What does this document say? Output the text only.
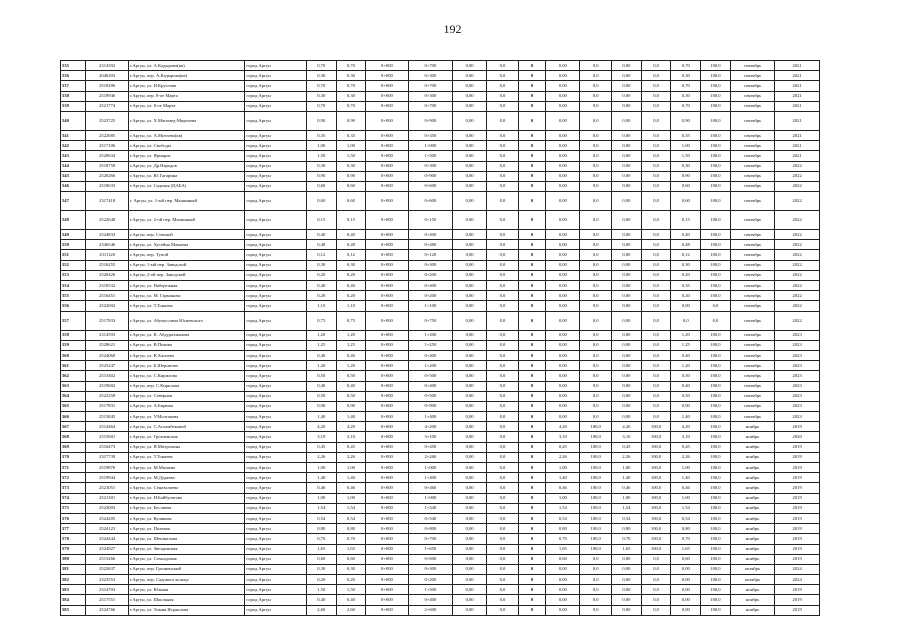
192
535	2314392	г.Аргун, ул. А.Кадырова(кв)	город Аргун	0,70	0,70	0+000	0+700	0,00	0,0	0	0,00	0,0	0,00	0,0	0,70	100,0	сентябрь	2021
536	2046303	г.Аргун, пер. А.Кадырова(кв)	город Аргун	0,30	0,30	0+000	0+300	0,00	0,0	0	0,00	0,0	0,00	0,0	0,30	100,0	сентябрь	2021
537	2518296	г.Аргун, ул. И.Круглова	город Аргун	0,70	0,70	0+000	0+700	0,00	0,0	0	0,00	0,0	0,00	0,0	0,70	100,0	сентябрь	2021
538	2518946	г.Аргун, пер. 8-ое Марта	город Аргун	0,30	0,30	0+000	0+300	0,00	0,0	0	0,00	0,0	0,00	0,0	0,30	100,0	сентябрь	2021
539	2521774	г.Аргун, ул. 8-ое Марта	город Аргун	0,70	0,70	0+000	0+700	0,00	0,0	0	0,00	0,0	0,00	0,0	0,70	100,0	сентябрь	2021
540	2523725	г.Аргун, ул. Х.Магомед-Мирзоева	город Аргун	0,90	0,90	0+000	0+900	0,00	0,0	0	0,00	0,0	0,00	0,0	0,90	100,0	сентябрь	2021
541	2522685	г.Аргун, ул. А.Митаева(кв)	город Аргун	0,35	0,35	0+000	0+350	0,00	0,0	0	0,00	0,0	0,00	0,0	0,35	100,0	сентябрь	2021
542	2517106	г.Аргун, ул. Свободы	город Аргун	1,00	1,00	0+000	1+000	0,00	0,0	0	0,00	0,0	0,00	0,0	1,00	100,0	сентябрь	2021
543	2520634	г.Аргун, ул. Ярмарок	город Аргун	1,50	1,50	0+000	1+500	0,00	0,0	0	0,00	0,0	0,00	0,0	1,50	100,0	сентябрь	2021
544	2518750	г.Аргун, ул. Др.Народов	город Аргун	0,30	0,30	0+000	0+300	0,00	0,0	0	0,00	0,0	0,00	0,0	0,30	100,0	сентябрь	2022
545	2520266	г.Аргун, ул. Ю.Гагарина	город Аргун	0,90	0,90	0+000	0+900	0,00	0,0	0	0,00	0,0	0,00	0,0	0,90	100,0	сентябрь	2022
546	2518633	г.Аргун, ул. Садовая (ЦАБА)	город Аргун	0,60	0,60	0+000	0+600	0,00	0,0	0	0,00	0,0	0,00	0,0	0,60	100,0	сентябрь	2022
547	2317418	г. Аргун, ул. 1-ый пер. Машинный	город Аргун	0,60	0,60	0+000	0+600	0,00	0,0	0	0,00	0,0	0,00	0,0	0,60	100,0	сентябрь	2022
548	2522648	г.Аргун, ул. 2-ой пер. Машинный	город Аргун	0,15	0,15	0+000	0+150	0,00	0,0	0	0,00	0,0	0,00	0,0	0,15	100,0	сентябрь	2022
549	2524833	г.Аргун, пер. Степной	город Аргун	0,40	0,40	0+000	0+400	0,00	0,0	0	0,00	0,0	0,00	0,0	0,40	100,0	сентябрь	2022
550	2346546	г.Аргун, ул. Хусейна Мамаева	город Аргун	0,48	0,48	0+000	0+480	0,00	0,0	0	0,00	0,0	0,00	0,0	0,48	100,0	сентябрь	2022
551	2311120	г.Аргун, пер. Тупой	город Аргун	0,12	0,12	0+000	0+120	0,00	0,0	0	0,00	0,0	0,00	0,0	0,12	100,0	сентябрь	2022
552	2516255	г.Аргун, 1-ый пер. Заводской	город Аргун	0,30	0,30	0+000	0+300	0,00	0,0	0	0,00	0,0	0,00	0,0	0,30	100,0	сентябрь	2022
553	2520426	г.Аргун, 2-ой пер. Заводской	город Аргун	0,20	0,20	0+000	0+200	0,00	0,0	0	0,00	0,0	0,00	0,0	0,20	100,0	сентябрь	2022
554	2318532	г.Аргун, ул. Набережная	город Аргун	0,40	0,40	0+000	0+400	0,00	0,0	0	0,00	0,0	0,00	0,0	0,35	100,0	сентябрь	2022
555	2516451	г.Аргун, ул. М. Гарманова	город Аргун	0,20	0,20	0+000	0+200	0,00	0,0	0	0,00	0,0	0,00	0,0	0,20	100,0	сентябрь	2022
556	2522692	г.Аргун, ул. Т.Тонаева	город Аргун	1,10	1,10	0+000	1+100	0,00	0,0	0	0,00	0,0	0,00	0,0	0,00	0,0	сентябрь	2022
557	2517833	г.Аргун, ул. Абумуслима Юсиевского	город Аргун	0,75	0,75	0+000	0+750	0,00	0,0	0	0,00	0,0	0,00	0,0	0,0	0,0	сентябрь	2022
558	2314593	г.Аргун, ул. К. Абдурахманова	город Аргун	1,20	1,20	0+000	1+200	0,00	0,0	0	0,00	0,0	0,00	0,0	1,20	100,0	сентябрь	2023
559	2528621	г.Аргун, ул. В.Пикова	город Аргун	1,25	1,25	0+000	1+250	0,00	0,0	0	0,00	0,0	0,00	0,0	1,25	100,0	сентябрь	2023
560	2524060	г.Аргун, ул. В.Хасиева	город Аргун	0,40	0,40	0+000	0+400	0,00	0,0	0	0,00	0,0	0,00	0,0	0,40	100,0	сентябрь	2023
561	2525247	г.Аргун, ул. Б.Шерипова	город Аргун	1,20	1,20	0+000	1+200	0,00	0,0	0	0,00	0,0	0,00	0,0	1,20	100,0	сентябрь	2023
562	2513402	г.Аргун, ул. С.Кирилова	город Аргун	0,50	0,50	0+000	0+500	0,00	0,0	0	0,00	0,0	0,00	0,0	0,50	100,0	сентябрь	2023
563	2519602	г.Аргун, пер. С.Кирилова	город Аргун	0,40	0,40	0+000	0+400	0,00	0,0	0	0,00	0,0	0,00	0,0	0,40	100,0	сентябрь	2023
564	2522258	г.Аргун, ул. Северная	город Аргун	0,50	0,50	0+000	0+500	0,00	0,0	0	0,00	0,0	0,00	0,0	0,50	100,0	сентябрь	2023
565	2517831	г.Аргун, ул. А.Бирюка	город Аргун	0,90	0,90	0+000	0+900	0,00	0,0	0	0,00	0,0	0,00	0,0	0,90	100,0	сентябрь	2023
566	2513845	г.Аргун, ул. У.Молтакова	город Аргун	1,40	1,40	0+000	1+400	0,00	0,0	0	0,00	0,0	0,00	0,0	1,40	100,0	сентябрь	2023
567	2514464	г.Аргун, ул. С.Асламбековой	город Аргун	4,20	4,20	0+000	4+200	0,00	0,0	0	4,20	100,0	4,20	100,0	4,20	100,0	ноябрь	2019
568	2515601	г.Аргун, ул. Грозненская	город Аргун	3,10	3,10	0+000	3+100	0,00	0,0	0	3,10	100,0	3,10	100,0	3,10	100,0	ноябрь	2020
569	2516473	г.Аргун, ул. Я.Митрохина	город Аргун	0,45	0,45	0+000	0+450	0,00	0,0	0	0,45	100,0	0,45	100,0	0,45	100,0	ноябрь	2019
570	2317739	г.Аргун, ул. Т.Тонаева	город Аргун	2,26	2,26	0+000	2+260	0,00	0,0	0	2,26	100,0	2,26	100,0	2,26	100,0	ноябрь	2019
571	2519870	г.Аргун, ул. М.Мазаева	город Аргун	1,00	1,00	0+000	1+000	0,00	0,0	0	1,00	100,0	1,00	100,0	1,00	100,0	ноябрь	2019
572	2519944	г.Аргун, ул. М.Дудаева	город Аргун	1,40	1,40	0+000	1+400	0,00	0,0	0	1,40	100,0	1,40	100,0	1,40	100,0	ноябрь	2019
573	2521051	г.Аргун, ул. Сенаталиева	город Аргун	0,46	0,46	0+000	0+460	0,00	0,0	0	0,46	100,0	0,46	100,0	0,46	100,0	ноябрь	2019
574	2521301	г.Аргун, ул. Н.Байбулатова	город Аргун	1,00	1,00	0+000	1+000	0,00	0,0	0	1,00	100,0	1,00	100,0	1,00	100,0	ноябрь	2019
575	2523003	г.Аргун, ул. Беслиева	город Аргун	1,54	1,54	0+000	1+540	0,00	0,0	0	1,54	100,0	1,54	100,0	1,54	100,0	ноябрь	2019
576	2524205	г.Аргун, ул. Куликова	город Аргун	0,54	0,54	0+000	0+540	0,00	0,0	0	0,54	100,0	0,54	100,0	0,54	100,0	ноябрь	2019
577	2524123	г.Аргун, ул. Полевая	город Аргун	0,80	0,80	0+000	0+800	0,00	0,0	0	0,80	100,0	0,80	100,0	0,80	100,0	ноябрь	2019
578	2524444	г.Аргун, ул. Шешкилова	город Аргун	0,70	0,70	0+000	0+700	0,00	0,0	0	0,70	100,0	0,70	100,0	0,70	100,0	ноябрь	2019
579	2524927	г.Аргун, ул. Звездинская	город Аргун	1,65	1,65	0+000	1+650	0,00	0,0	0	1,65	100,0	1,65	100,0	1,65	100,0	ноябрь	2019
580	2513266	г.Аргун, ул. Сохнодовая	город Аргун	0,60	0,60	0+000	0+600	0,00	0,0	0	0,60	0,0	0,00	0,0	0,60	100,0	ноябрь	2019
581	2522637	г.Аргун, пер. Грозненский	город Аргун	0,30	0,30	0+000	0+300	0,00	0,0	0	0,00	0,0	0,00	0,0	0,00	100,0	октябрь	2024
582	2323553	г.Аргун, пер. Садового кольца	город Аргун	0,20	0,20	0+000	0+200	0,00	0,0	0	0,00	0,0	0,00	0,0	0,00	100,0	октябрь	2024
583	2314703	г.Аргун, ул. Южная	город Аргун	1,50	1,50	0+000	1+500	0,00	0,0	0	0,00	0,0	0,00	0,0	0,00	100,0	ноябрь	2019
584	2517551	г.Аргун, ул. Школьная	город Аргун	0,40	0,40	0+000	0+400	0,00	0,0	0	0,00	0,0	0,00	0,0	0,00	100,0	ноябрь	2019
585	2524766	г.Аргун, ул. Тимия Исраилова	город Аргун	2,60	2,60	0+000	2+600	0,00	0,0	0	0,00	0,0	0,00	0,0	0,00	100,0	ноябрь	2019
